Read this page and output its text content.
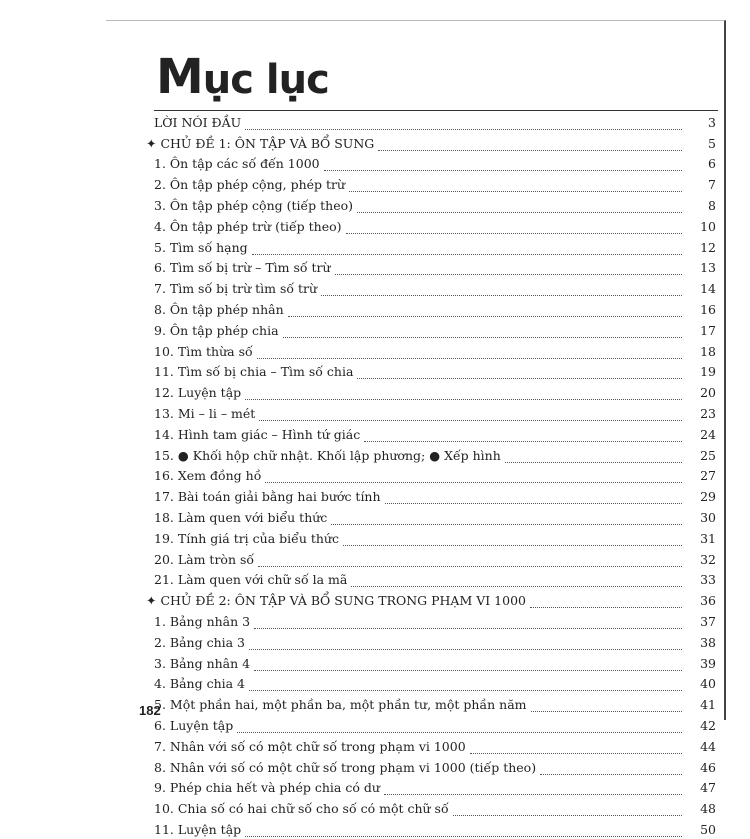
Mục lục
LỜI NÓI ĐẦU	3
✦ CHỦ ĐỀ 1: ÔN TẬP VÀ BỔ SUNG	5
1. Ôn tập các số đến 1000	6
2. Ôn tập phép cộng, phép trừ	7
3. Ôn tập phép cộng (tiếp theo)	8
4. Ôn tập phép trừ (tiếp theo)	10
5. Tìm số hạng	12
6. Tìm số bị trừ – Tìm số trừ	13
7. Tìm số bị trừ tìm số trừ	14
8. Ôn tập phép nhân	16
9. Ôn tập phép chia	17
10. Tìm thừa số	18
11. Tìm số bị chia – Tìm số chia	19
12. Luyện tập	20
13. Mi – li – mét	23
14. Hình tam giác – Hình tứ giác	24
15. ● Khối hộp chữ nhật. Khối lập phương; ● Xếp hình	25
16. Xem đồng hồ	27
17. Bài toán giải bằng hai bước tính	29
18. Làm quen với biểu thức	30
19. Tính giá trị của biểu thức	31
20. Làm tròn số	32
21. Làm quen với chữ số la mã	33
✦ CHỦ ĐỀ 2: ÔN TẬP VÀ BỔ SUNG TRONG PHẠM VI 1000	36
1. Bảng nhân 3	37
2. Bảng chia 3	38
3. Bảng nhân 4	39
4. Bảng chia 4	40
5. Một phần hai, một phần ba, một phần tư, một phần năm	41
6. Luyện tập	42
7. Nhân với số có một chữ số trong phạm vi 1000	44
8. Nhân với số có một chữ số trong phạm vi 1000 (tiếp theo)	46
9. Phép chia hết và phép chia có dư	47
10. Chia số có hai chữ số cho số có một chữ số	48
11. Luyện tập	50
182
